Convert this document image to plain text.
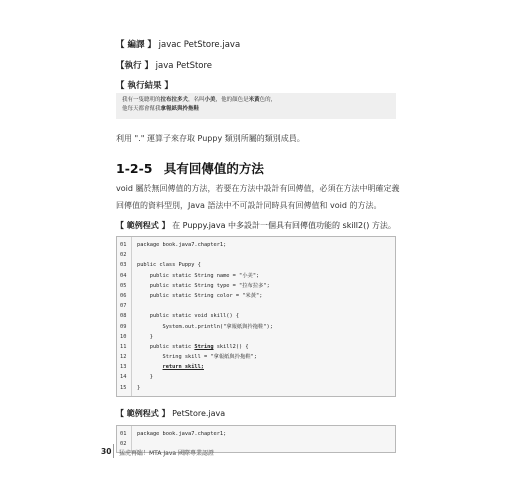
【 編譯 】 javac PetStore.java
【執行 】 java PetStore
【 執行結果 】
我有一隻聰明的拉布拉多犬，名叫小美，他的顏色是米黃色的，
他每天都會幫我拿報紙與拎拖鞋
利用 "." 運算子來存取 Puppy 類別所屬的類別成員。
1-2-5 具有回傳值的方法
void 屬於無回傳值的方法，若要在方法中設計有回傳值，必須在方法中明確定義
回傳值的資料型別，Java 語法中不可設計同時具有回傳值和 void 的方法。
【 範例程式 】 在 Puppy.java 中多設計一個具有回傳值功能的 skill2() 方法。
01	package book.java7.chapter1;
02
03	public class Puppy {
04	public static String name = "小美";
05	public static String type = "拉布拉多";
06	public static String color = "米黃";
07
08	public static void skill() {
09	System.out.println("拿報紙與拎拖鞋");
10	}
11	public static String skill2() {
12	String skill = "拿報紙與拎拖鞋";
13	return skill;
14	}
15	}
【 範例程式 】 PetStore.java
01	package book.java7.chapter1;
02
30 猛虎再臨！MTA Java 國際專業認證
